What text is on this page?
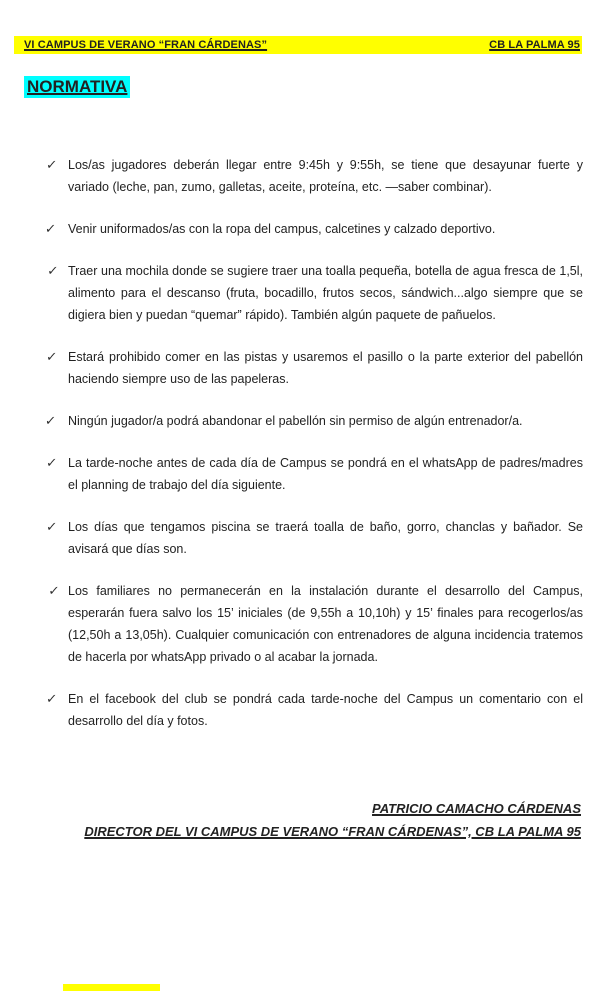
VI CAMPUS DE VERANO “FRAN CÁRDENAS”	CB LA PALMA 95
NORMATIVA
✓ Los/as jugadores deberán llegar entre 9:45h y 9:55h, se tiene que desayunar fuerte y variado (leche, pan, zumo, galletas, aceite, proteína, etc. —saber combinar).
✓ Venir uniformados/as con la ropa del campus, calcetines y calzado deportivo.
✓ Traer una mochila donde se sugiere traer una toalla pequeña, botella de agua fresca de 1,5l, alimento para el descanso (fruta, bocadillo, frutos secos, sándwich...algo siempre que se digiera bien y puedan “quemar” rápido). También algún paquete de pañuelos.
✓ Estará prohibido comer en las pistas y usaremos el pasillo o la parte exterior del pabellón haciendo siempre uso de las papeleras.
✓ Ningún jugador/a podrá abandonar el pabellón sin permiso de algún entrenador/a.
✓ La tarde-noche antes de cada día de Campus se pondrá en el whatsApp de padres/madres el planning de trabajo del día siguiente.
✓ Los días que tengamos piscina se traerá toalla de baño, gorro, chanclas y bañador. Se avisará que días son.
✓ Los familiares no permanecerán en la instalación durante el desarrollo del Campus, esperarán fuera salvo los 15’ iniciales (de 9,55h a 10,10h) y 15’ finales para recogerlos/as (12,50h a 13,05h). Cualquier comunicación con entrenadores de alguna incidencia tratemos de hacerla por whatsApp privado o al acabar la jornada.
✓ En el facebook del club se pondrá cada tarde-noche del Campus un comentario con el desarrollo del día y fotos.
PATRICIO CAMACHO CÁRDENAS
DIRECTOR DEL VI CAMPUS DE VERANO “FRAN CÁRDENAS”, CB LA PALMA 95
